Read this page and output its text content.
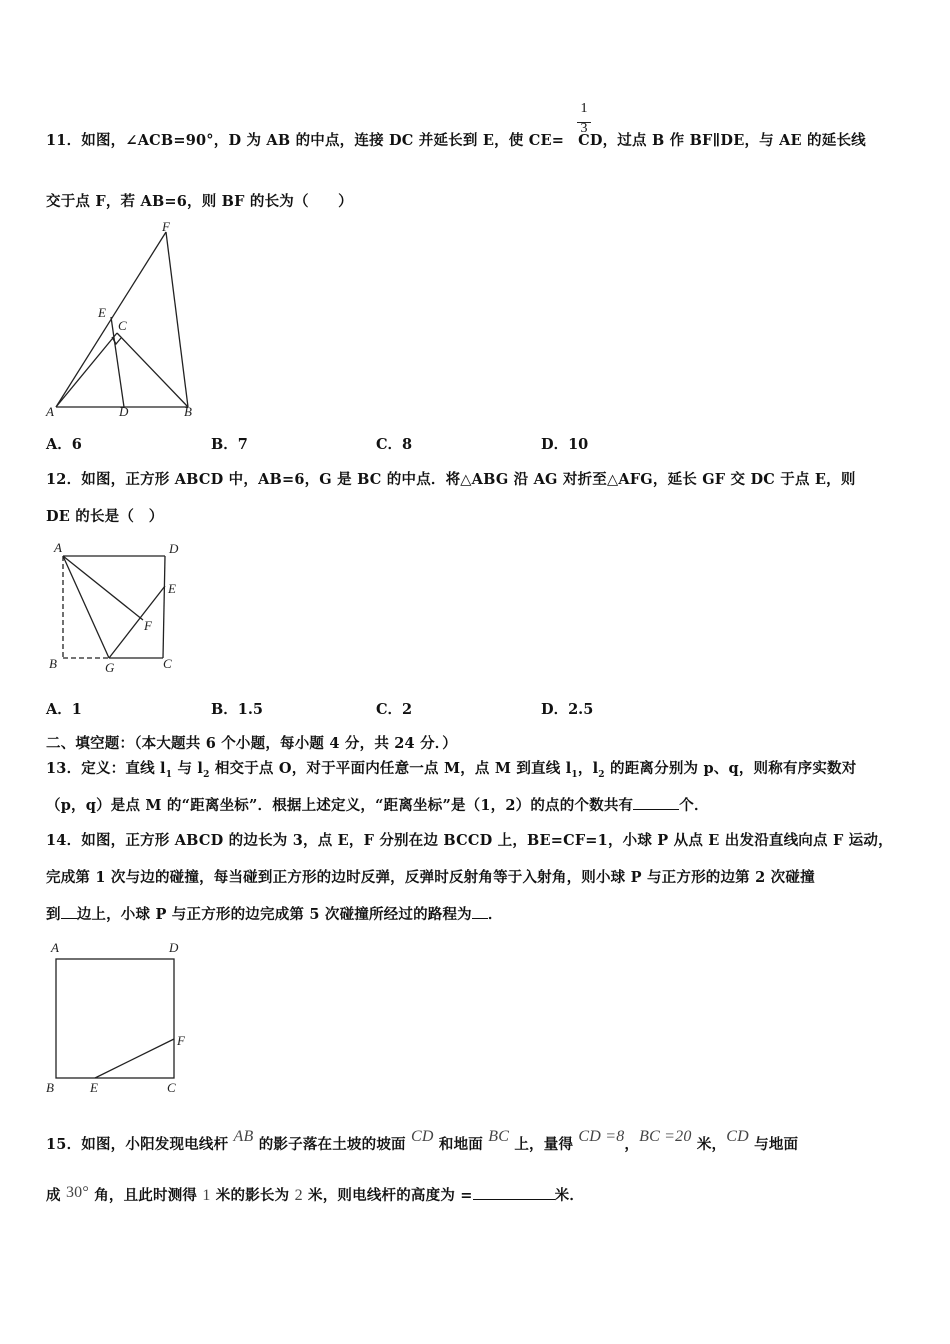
11．如图，∠ACB=90°，D 为 AB 的中点，连接 DC 并延长到 E，使 CE= CD，过点 B 作 BF∥DE，与 AE 的延长线
1
3
交于点 F，若 AB=6，则 BF 的长为（　　）
F
E
C
A	D	B
A．6	B．7	C．8	D．10
12．如图，正方形 ABCD 中，AB=6，G 是 BC 的中点．将△ABG 沿 AG 对折至△AFG，延长 GF 交 DC 于点 E，则
DE 的长是（　）
A	D
E
F
B	G	C
A．1	B．1.5	C．2	D．2.5
二、填空题：（本大题共 6 个小题，每小题 4 分，共 24 分．）
13．定义：直线 $l_1$ 与 $l_2$ 相交于点 O，对于平面内任意一点 M，点 M 到直线 $l_1$，$l_2$ 的距离分别为 p、q，则称有序实数对
（p，q）是点 M 的“距离坐标”．根据上述定义，“距离坐标”是（1，2）的点的个数共有	个．
14．如图，正方形 ABCD 的边长为 3，点 E，F 分别在边 BCCD 上，BE=CF=1，小球 P 从点 E 出发沿直线向点 F 运动，
完成第 1 次与边的碰撞，每当碰到正方形的边时反弹，反弹时反射角等于入射角，则小球 P 与正方形的边第 2 次碰撞
到 边上，小球 P 与正方形的边完成第 5 次碰撞所经过的路程为 ．
A	D
F
B	E	C
15．如图，小阳发现电线杆 AB 的影子落在土坡的坡面 CD 和地面 BC 上，量得 CD =8，BC =20 米，CD 与地面
成 30° 角，且此时测得 1 米的影长为 2 米，则电线杆的高度为 =	米．
